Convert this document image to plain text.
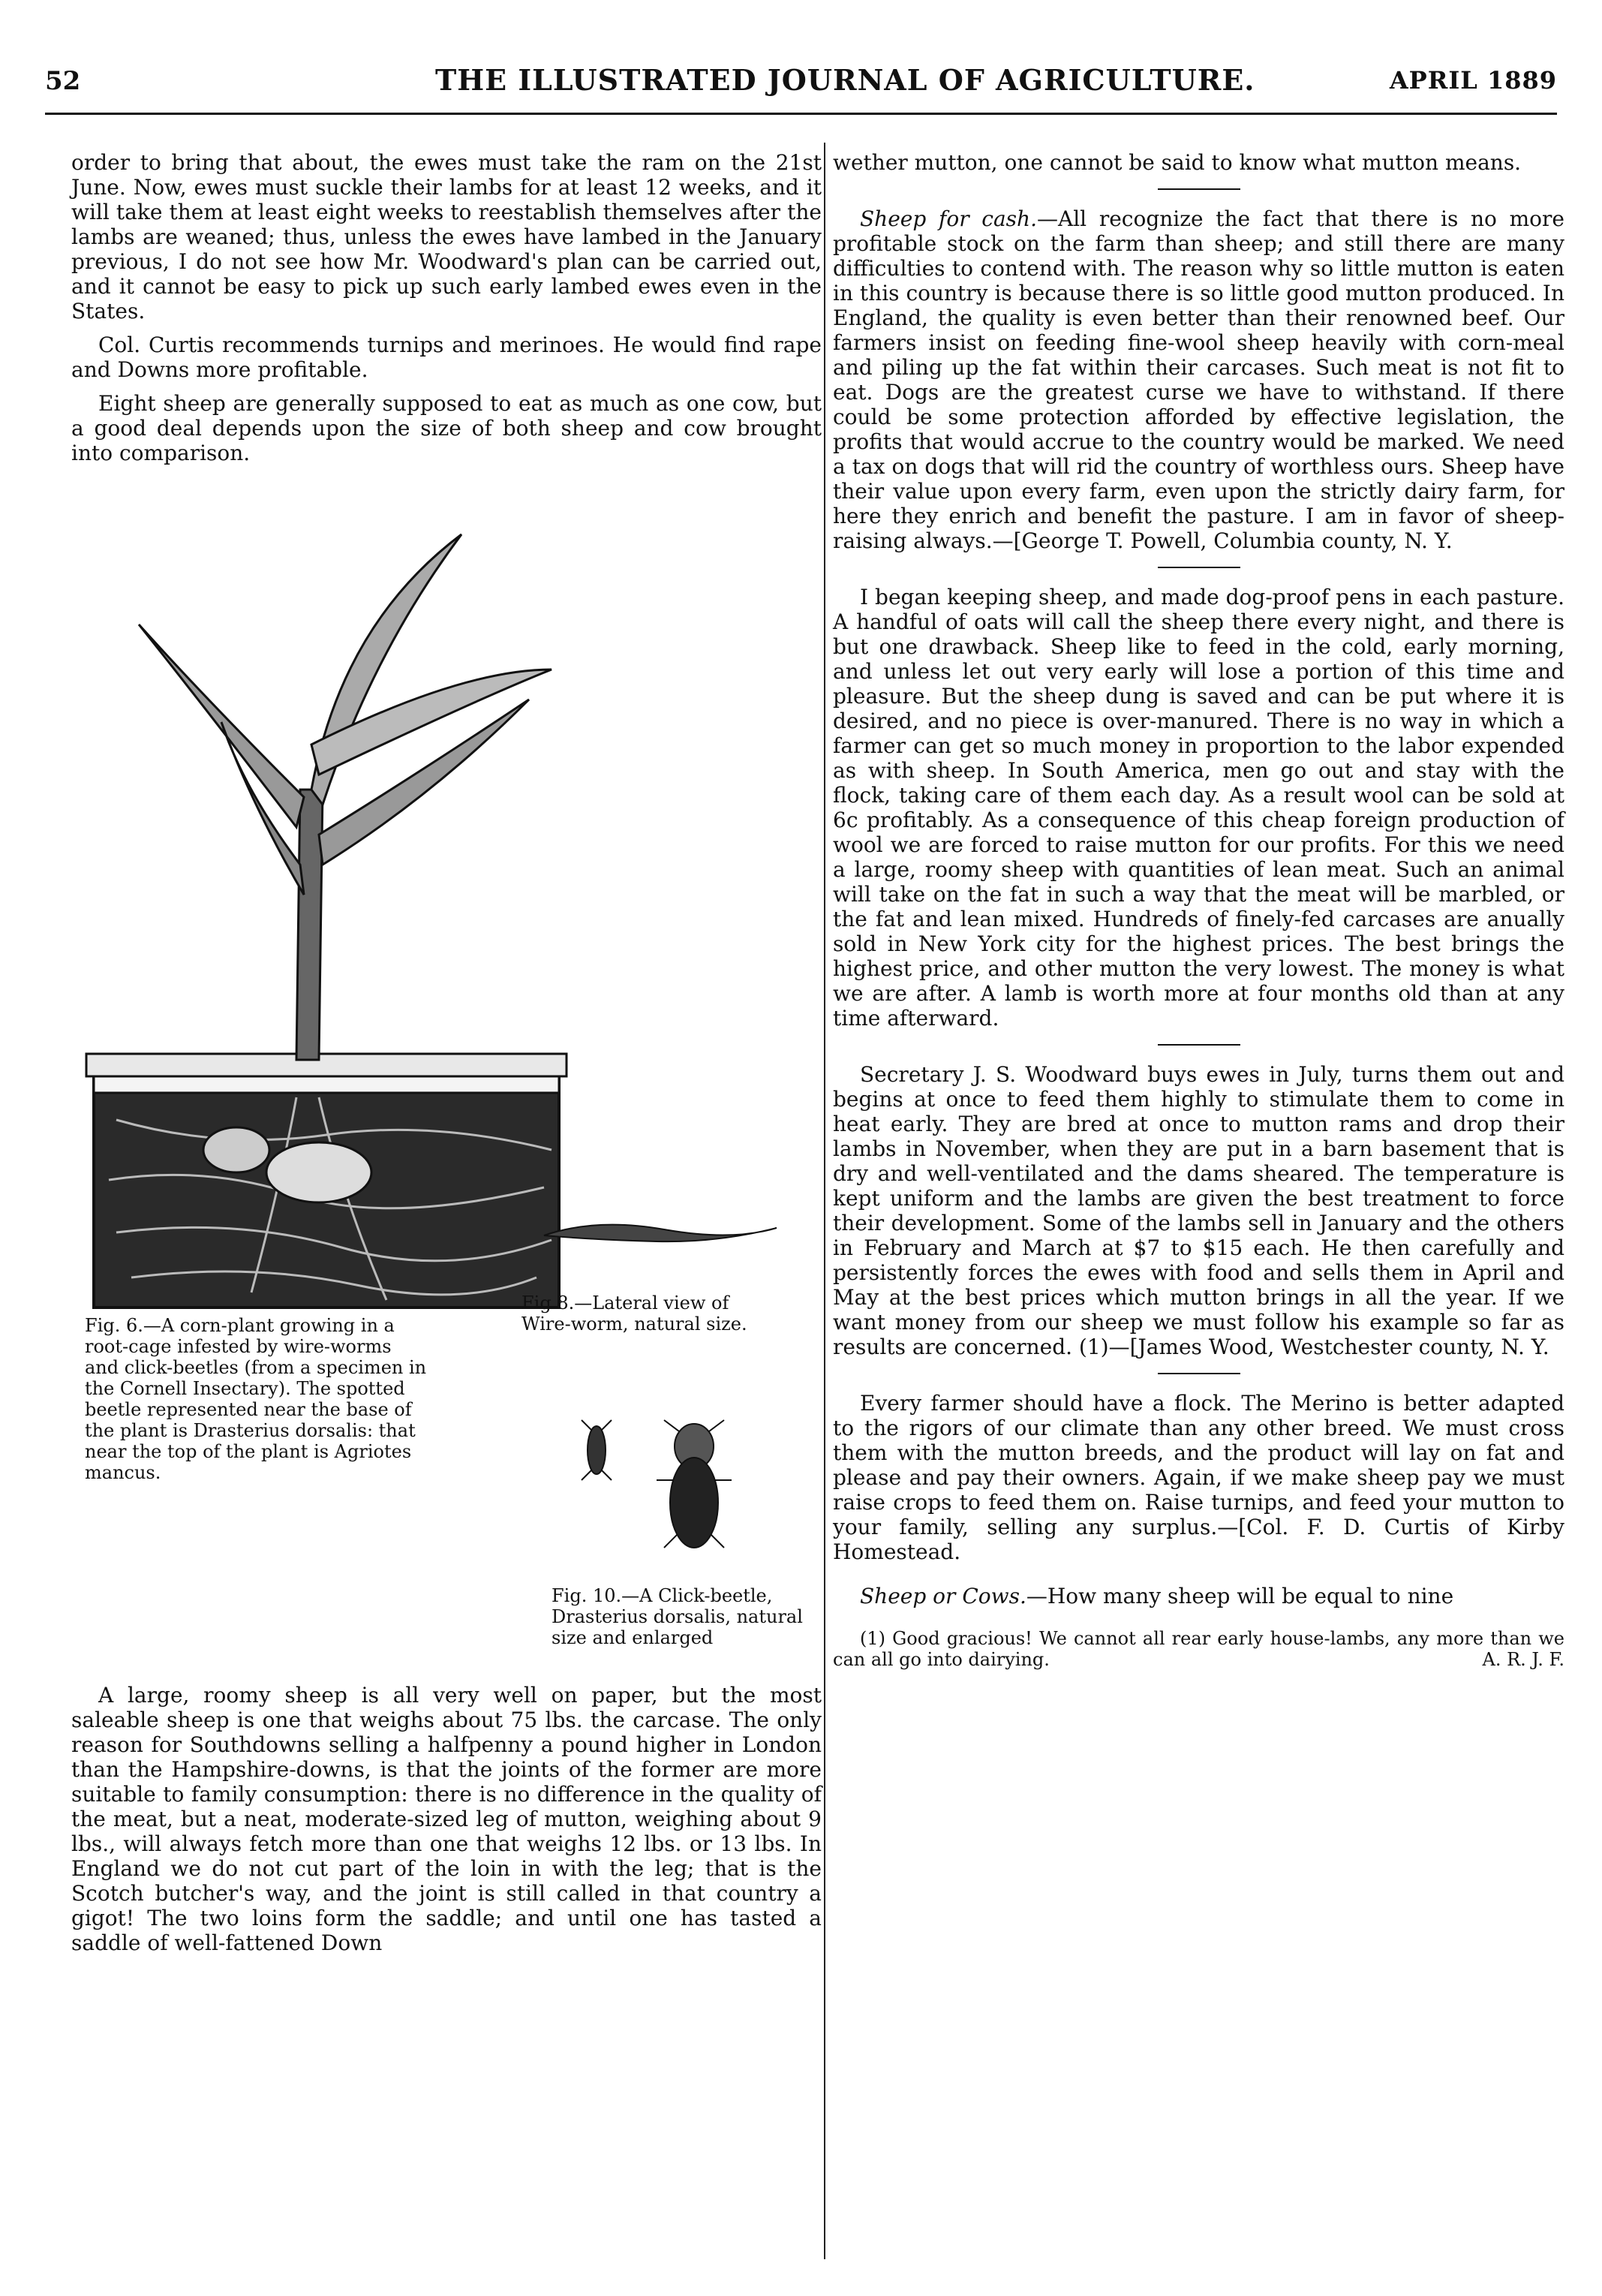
52	THE ILLUSTRATED JOURNAL OF AGRICULTURE.	APRIL 1889

order to bring that about, the ewes must take the ram on the 21st June. Now, ewes must suckle their lambs for at least 12 weeks, and it will take them at least eight weeks to reestablish themselves after the lambs are weaned; thus, unless the ewes have lambed in the January previous, I do not see how Mr. Woodward's plan can be carried out, and it cannot be easy to pick up such early lambed ewes even in the States.

Col. Curtis recommends turnips and merinoes. He would find rape and Downs more profitable.

Eight sheep are generally supposed to eat as much as one cow, but a good deal depends upon the size of both sheep and cow brought into comparison.

Fig 8.—Lateral view of Wire-worm, natural size.
Fig. 10.—A Click-beetle, Drasterius dorsalis, natural size and enlarged
Fig. 6.—A corn-plant growing in a root-cage infested by wire-worms and click-beetles (from a specimen in the Cornell Insectary). The spotted beetle represented near the base of the plant is Drasterius dorsalis: that near the top of the plant is Agriotes mancus.

A large, roomy sheep is all very well on paper, but the most saleable sheep is one that weighs about 75 lbs. the carcase. The only reason for Southdowns selling a halfpenny a pound higher in London than the Hampshire-downs, is that the joints of the former are more suitable to family consumption: there is no difference in the quality of the meat, but a neat, moderate-sized leg of mutton, weighing about 9 lbs., will always fetch more than one that weighs 12 lbs. or 13 lbs. In England we do not cut part of the loin in with the leg; that is the Scotch butcher's way, and the joint is still called in that country a gigot! The two loins form the saddle; and until one has tasted a saddle of well-fattened Down

wether mutton, one cannot be said to know what mutton means.

Sheep for cash.—All recognize the fact that there is no more profitable stock on the farm than sheep; and still there are many difficulties to contend with. The reason why so little mutton is eaten in this country is because there is so little good mutton produced. In England, the quality is even better than their renowned beef. Our farmers insist on feeding fine-wool sheep heavily with corn-meal and piling up the fat within their carcases. Such meat is not fit to eat. Dogs are the greatest curse we have to withstand. If there could be some protection afforded by effective legislation, the profits that would accrue to the country would be marked. We need a tax on dogs that will rid the country of worthless ours. Sheep have their value upon every farm, even upon the strictly dairy farm, for here they enrich and benefit the pasture. I am in favor of sheep-raising always.—[George T. Powell, Columbia county, N. Y.

I began keeping sheep, and made dog-proof pens in each pasture. A handful of oats will call the sheep there every night, and there is but one drawback. Sheep like to feed in the cold, early morning, and unless let out very early will lose a portion of this time and pleasure. But the sheep dung is saved and can be put where it is desired, and no piece is over-manured. There is no way in which a farmer can get so much money in proportion to the labor expended as with sheep. In South America, men go out and stay with the flock, taking care of them each day. As a result wool can be sold at 6c profitably. As a consequence of this cheap foreign production of wool we are forced to raise mutton for our profits. For this we need a large, roomy sheep with quantities of lean meat. Such an animal will take on the fat in such a way that the meat will be marbled, or the fat and lean mixed. Hundreds of finely-fed carcases are anually sold in New York city for the highest prices. The best brings the highest price, and other mutton the very lowest. The money is what we are after. A lamb is worth more at four months old than at any time afterward.

Secretary J. S. Woodward buys ewes in July, turns them out and begins at once to feed them highly to stimulate them to come in heat early. They are bred at once to mutton rams and drop their lambs in November, when they are put in a barn basement that is dry and well-ventilated and the dams sheared. The temperature is kept uniform and the lambs are given the best treatment to force their development. Some of the lambs sell in January and the others in February and March at $7 to $15 each. He then carefully and persistently forces the ewes with food and sells them in April and May at the best prices which mutton brings in all the year. If we want money from our sheep we must follow his example so far as results are concerned. (1)—[James Wood, Westchester county, N. Y.

Every farmer should have a flock. The Merino is better adapted to the rigors of our climate than any other breed. We must cross them with the mutton breeds, and the product will lay on fat and please and pay their owners. Again, if we make sheep pay we must raise crops to feed them on. Raise turnips, and feed your mutton to your family, selling any surplus.—[Col. F. D. Curtis of Kirby Homestead.

Sheep or Cows.—How many sheep will be equal to nine

(1) Good gracious! We cannot all rear early house-lambs, any more than we can all go into dairying.	A. R. J. F.
